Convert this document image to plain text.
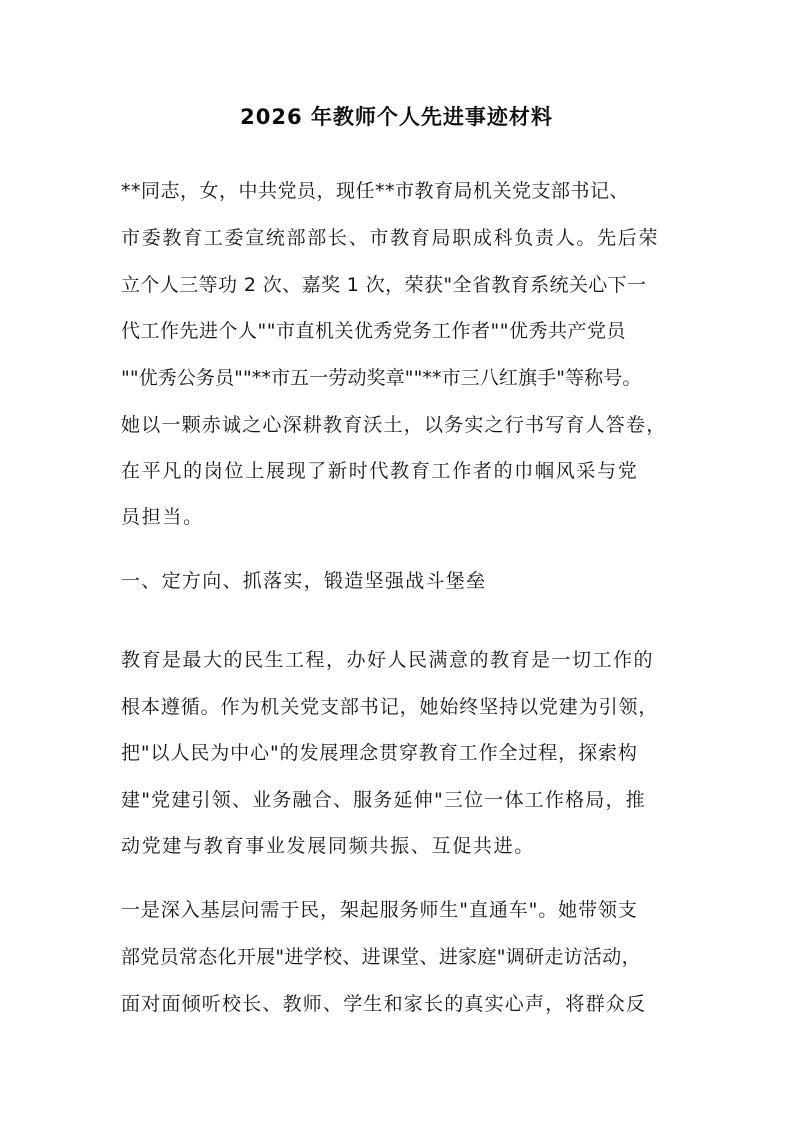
2026 年教师个人先进事迹材料
**同志，女，中共党员，现任**市教育局机关党支部书记、
市委教育工委宣统部部长、市教育局职成科负责人。先后荣
立个人三等功 2 次、嘉奖 1 次，荣获"全省教育系统关心下一
代工作先进个人""市直机关优秀党务工作者""优秀共产党员
""优秀公务员""**市五一劳动奖章""**市三八红旗手"等称号。
她以一颗赤诚之心深耕教育沃土，以务实之行书写育人答卷，
在平凡的岗位上展现了新时代教育工作者的巾帼风采与党
员担当。
一、定方向、抓落实，锻造坚强战斗堡垒
教育是最大的民生工程，办好人民满意的教育是一切工作的
根本遵循。作为机关党支部书记，她始终坚持以党建为引领，
把"以人民为中心"的发展理念贯穿教育工作全过程，探索构
建"党建引领、业务融合、服务延伸"三位一体工作格局，推
动党建与教育事业发展同频共振、互促共进。
一是深入基层问需于民，架起服务师生"直通车"。她带领支
部党员常态化开展"进学校、进课堂、进家庭"调研走访活动，
面对面倾听校长、教师、学生和家长的真实心声，将群众反
